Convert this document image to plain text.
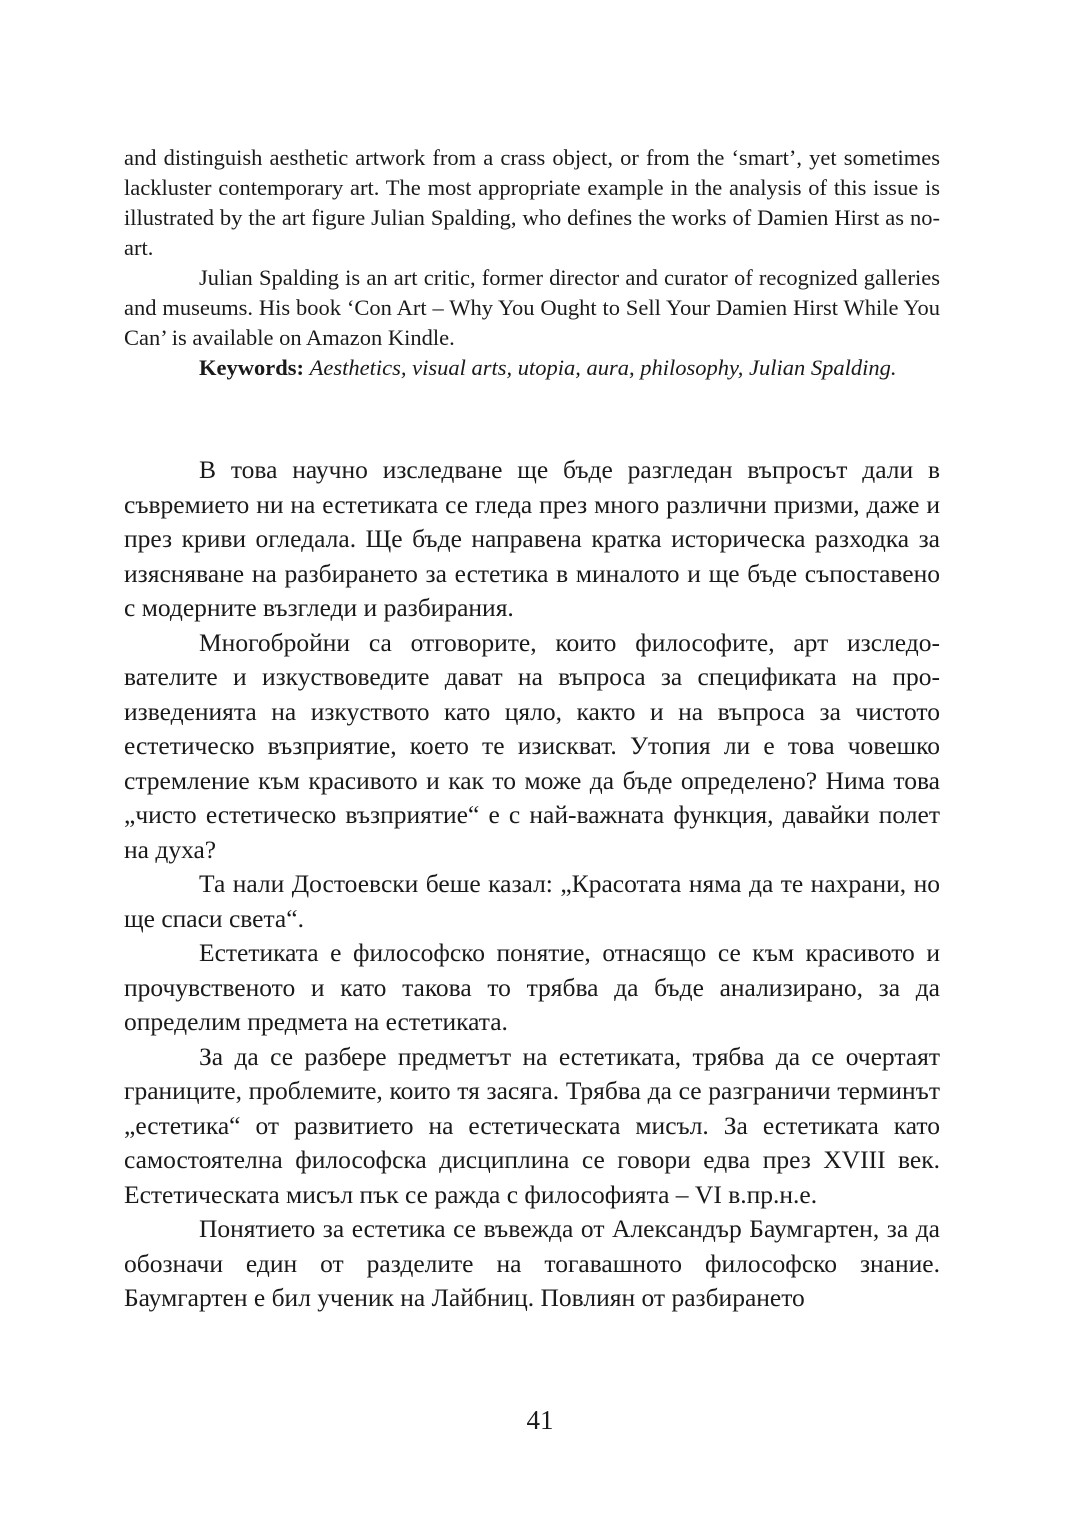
and distinguish aesthetic artwork from a crass object, or from the ‘smart’, yet sometimes lackluster contemporary art. The most appropriate example in the analysis of this issue is illustrated by the art figure Julian Spalding, who defines the works of Damien Hirst as no-art.

Julian Spalding is an art critic, former director and curator of recognized galleries and museums. His book ‘Con Art – Why You Ought to Sell Your Damien Hirst While You Can’ is available on Amazon Kindle.

Keywords: Aesthetics, visual arts, utopia, aura, philosophy, Julian Spalding.

В това научно изследване ще бъде разгледан въпросът дали в съвремието ни на естетиката се гледа през много различни призми, даже и през криви огледала. Ще бъде направена кратка историческа разходка за изясняване на разбирането за естетика в миналото и ще бъде съпоставено с модерните възгледи и разбирания.

Многобройни са отговорите, които философите, арт изследователите и изкуствоведите дават на въпроса за спецификата на произведенията на изкуството като цяло, както и на въпроса за чистото естетическо възприятие, което те изискват. Утопия ли е това човешко стремление към красивото и как то може да бъде определено? Нима това „чисто естетическо възприятие“ е с най-важната функция, давайки полет на духа?

Та нали Достоевски беше казал: „Красотата няма да те нахрани, но ще спаси света“.

Естетиката е философско понятие, отнасящо се към красивото и прочувственото и като такова то трябва да бъде анализирано, за да определим предмета на естетиката.

За да се разбере предметът на естетиката, трябва да се очертаят границите, проблемите, които тя засяга. Трябва да се разграничи терминът „естетика“ от развитието на естетическата мисъл. За естетиката като самостоятелна философска дисциплина се говори едва през XVIII век. Естетическата мисъл пък се ражда с философията – VI в.пр.н.е.

Понятието за естетика се въвежда от Александър Баумгартен, за да обозначи един от разделите на тогавашното философско знание. Баумгартен е бил ученик на Лайбниц. Повлиян от разбирането

41
